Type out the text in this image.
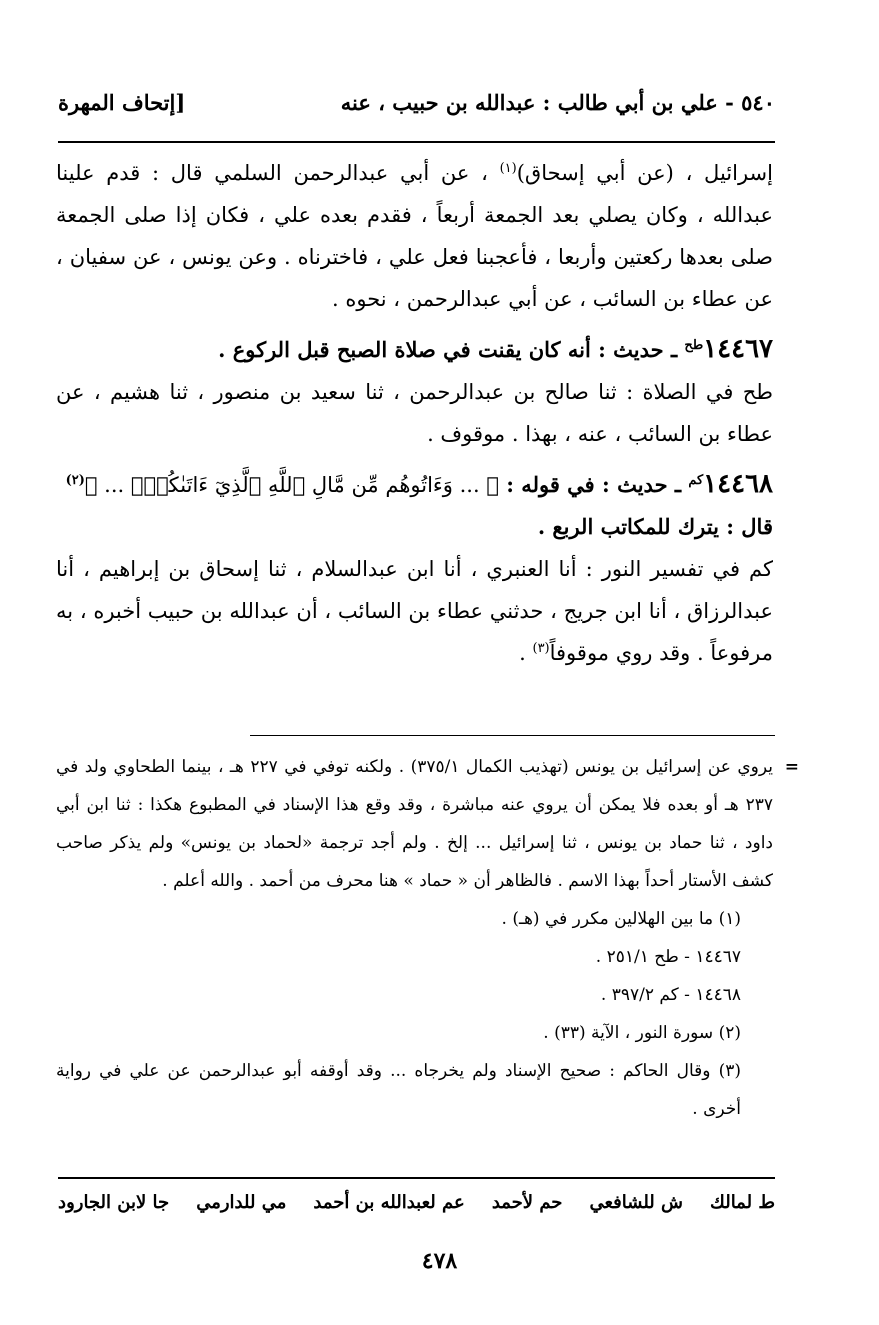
٥٤٠ - علي بن أبي طالب : عبدالله بن حبيب ، عنه
[إتحاف المهرة

إسرائيل ، (عن أبي إسحاق)$^{(١)}$ ، عن أبي عبدالرحمن السلمي قال : قدم علينا عبدالله ، وكان يصلي بعد الجمعة أربعاً ، فقدم بعده علي ، فكان إذا صلى الجمعة صلى بعدها ركعتين وأربعا ، فأعجبنا فعل علي ، فاخترناه . وعن يونس ، عن سفيان ، عن عطاء بن السائب ، عن أبي عبدالرحمن ، نحوه .

$١٤٤٦٧^{طح}$ ـ حديث : أنه كان يقنت في صلاة الصبح قبل الركوع .

طح في الصلاة : ثنا صالح بن عبدالرحمن ، ثنا سعيد بن منصور ، ثنا هشيم ، عن عطاء بن السائب ، عنه ، بهذا . موقوف .

$١٤٤٦٨^{كم}$ ـ حديث : في قوله : ﴿ ... وَءَاتُوهُم مِّن مَّالِ ٱللَّهِ ٱلَّذِيٓ ءَاتَىٰكُمۡۚ ... ﴾$^{(٢)}$

قال : يترك للمكاتب الربع .

كم في تفسير النور : أنا العنبري ، أنا ابن عبدالسلام ، ثنا إسحاق بن إبراهيم ، أنا عبدالرزاق ، أنا ابن جريج ، حدثني عطاء بن السائب ، أن عبدالله بن حبيب أخبره ، به مرفوعاً . وقد روي موقوفاً$^{(٣)}$ .

=

يروي عن إسرائيل بن يونس (تهذيب الكمال ٣٧٥/١) . ولكنه توفي في ٢٢٧ هـ ، بينما الطحاوي ولد في ٢٣٧ هـ أو بعده فلا يمكن أن يروي عنه مباشرة ، وقد وقع هذا الإسناد في المطبوع هكذا : ثنا ابن أبي داود ، ثنا حماد بن يونس ، ثنا إسرائيل ... إلخ . ولم أجد ترجمة «لحماد بن يونس» ولم يذكر صاحب كشف الأستار أحداً بهذا الاسم . فالظاهر أن « حماد » هنا محرف من أحمد . والله أعلم .

(١) ما بين الهلالين مكرر في (هـ) .

١٤٤٦٧ - طح ٢٥١/١ .

١٤٤٦٨ - كم ٣٩٧/٢ .

(٢) سورة النور ، الآية (٣٣) .

(٣) وقال الحاكم : صحيح الإسناد ولم يخرجاه ... وقد أوقفه أبو عبدالرحمن عن علي في رواية أخرى .

ط لمالك
ش للشافعي
حم لأحمد
عم لعبدالله بن أحمد
مي للدارمي
جا لابن الجارود
٤٧٨
